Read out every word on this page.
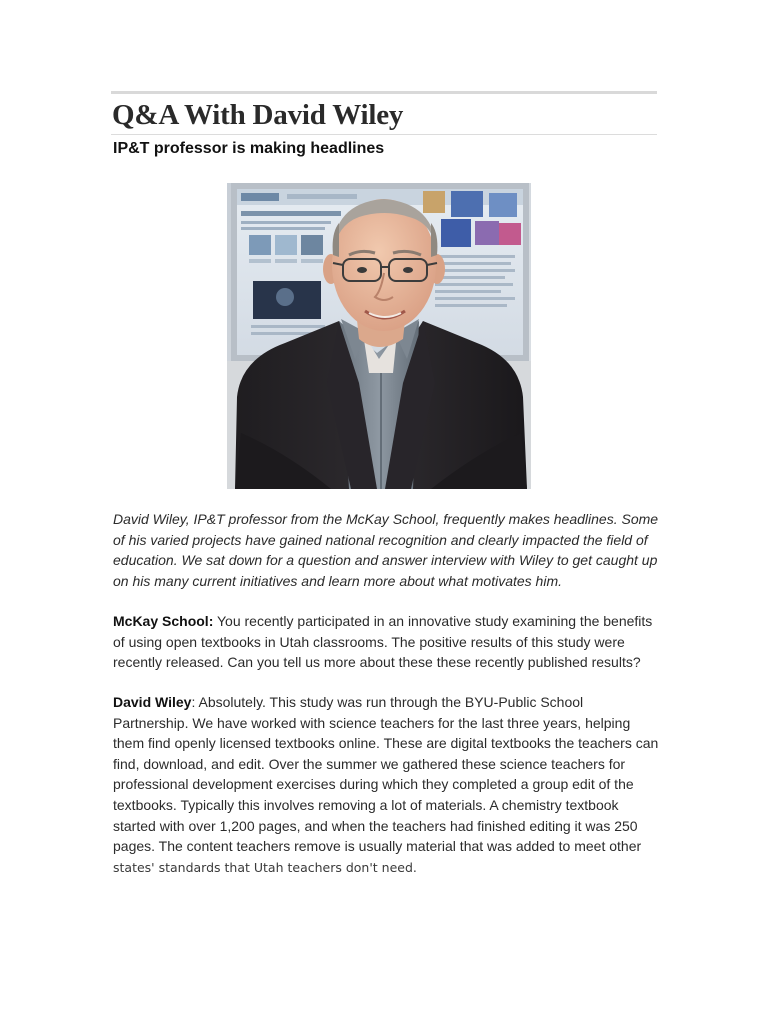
Q&A With David Wiley
IP&T professor is making headlines

David Wiley, IP&T professor from the McKay School, frequently makes headlines. Some of his varied projects have gained national recognition and clearly impacted the field of education. We sat down for a question and answer interview with Wiley to get caught up on his many current initiatives and learn more about what motivates him.

McKay School: You recently participated in an innovative study examining the benefits of using open textbooks in Utah classrooms. The positive results of this study were recently released. Can you tell us more about these these recently published results?

David Wiley: Absolutely. This study was run through the BYU-Public School Partnership. We have worked with science teachers for the last three years, helping them find openly licensed textbooks online. These are digital textbooks the teachers can find, download, and edit. Over the summer we gathered these science teachers for professional development exercises during which they completed a group edit of the textbooks. Typically this involves removing a lot of materials. A chemistry textbook started with over 1,200 pages, and when the teachers had finished editing it was 250 pages. The content teachers remove is usually material that was added to meet other states' standards that Utah teachers don't need.
